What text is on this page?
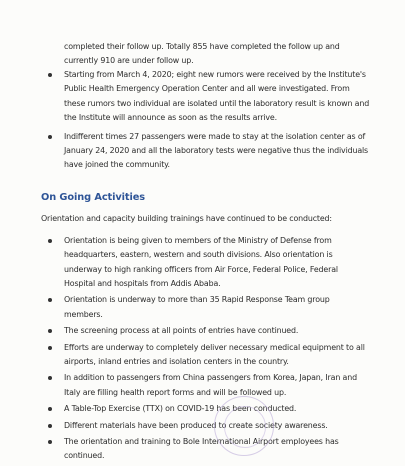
completed their follow up. Totally 855 have completed the follow up and currently 910 are under follow up.
Starting from March 4, 2020; eight new rumors were received by the Institute's Public Health Emergency Operation Center and all were investigated. From these rumors two individual are isolated until the laboratory result is known and the Institute will announce as soon as the results arrive.
Indifferent times 27 passengers were made to stay at the isolation center as of January 24, 2020 and all the laboratory tests were negative thus the individuals have joined the community.
On Going Activities
Orientation and capacity building trainings have continued to be conducted:
Orientation is being given to members of the Ministry of Defense from headquarters, eastern, western and south divisions. Also orientation is underway to high ranking officers from Air Force, Federal Police, Federal Hospital and hospitals from Addis Ababa.
Orientation is underway to more than 35 Rapid Response Team group members.
The screening process at all points of entries have continued.
Efforts are underway to completely deliver necessary medical equipment to all airports, inland entries and isolation centers in the country.
In addition to passengers from China passengers from Korea, Japan, Iran and Italy are filling health report forms and will be followed up.
A Table-Top Exercise (TTX) on COVID-19 has been conducted.
Different materials have been produced to create society awareness.
The orientation and training to Bole International Airport employees has continued.
